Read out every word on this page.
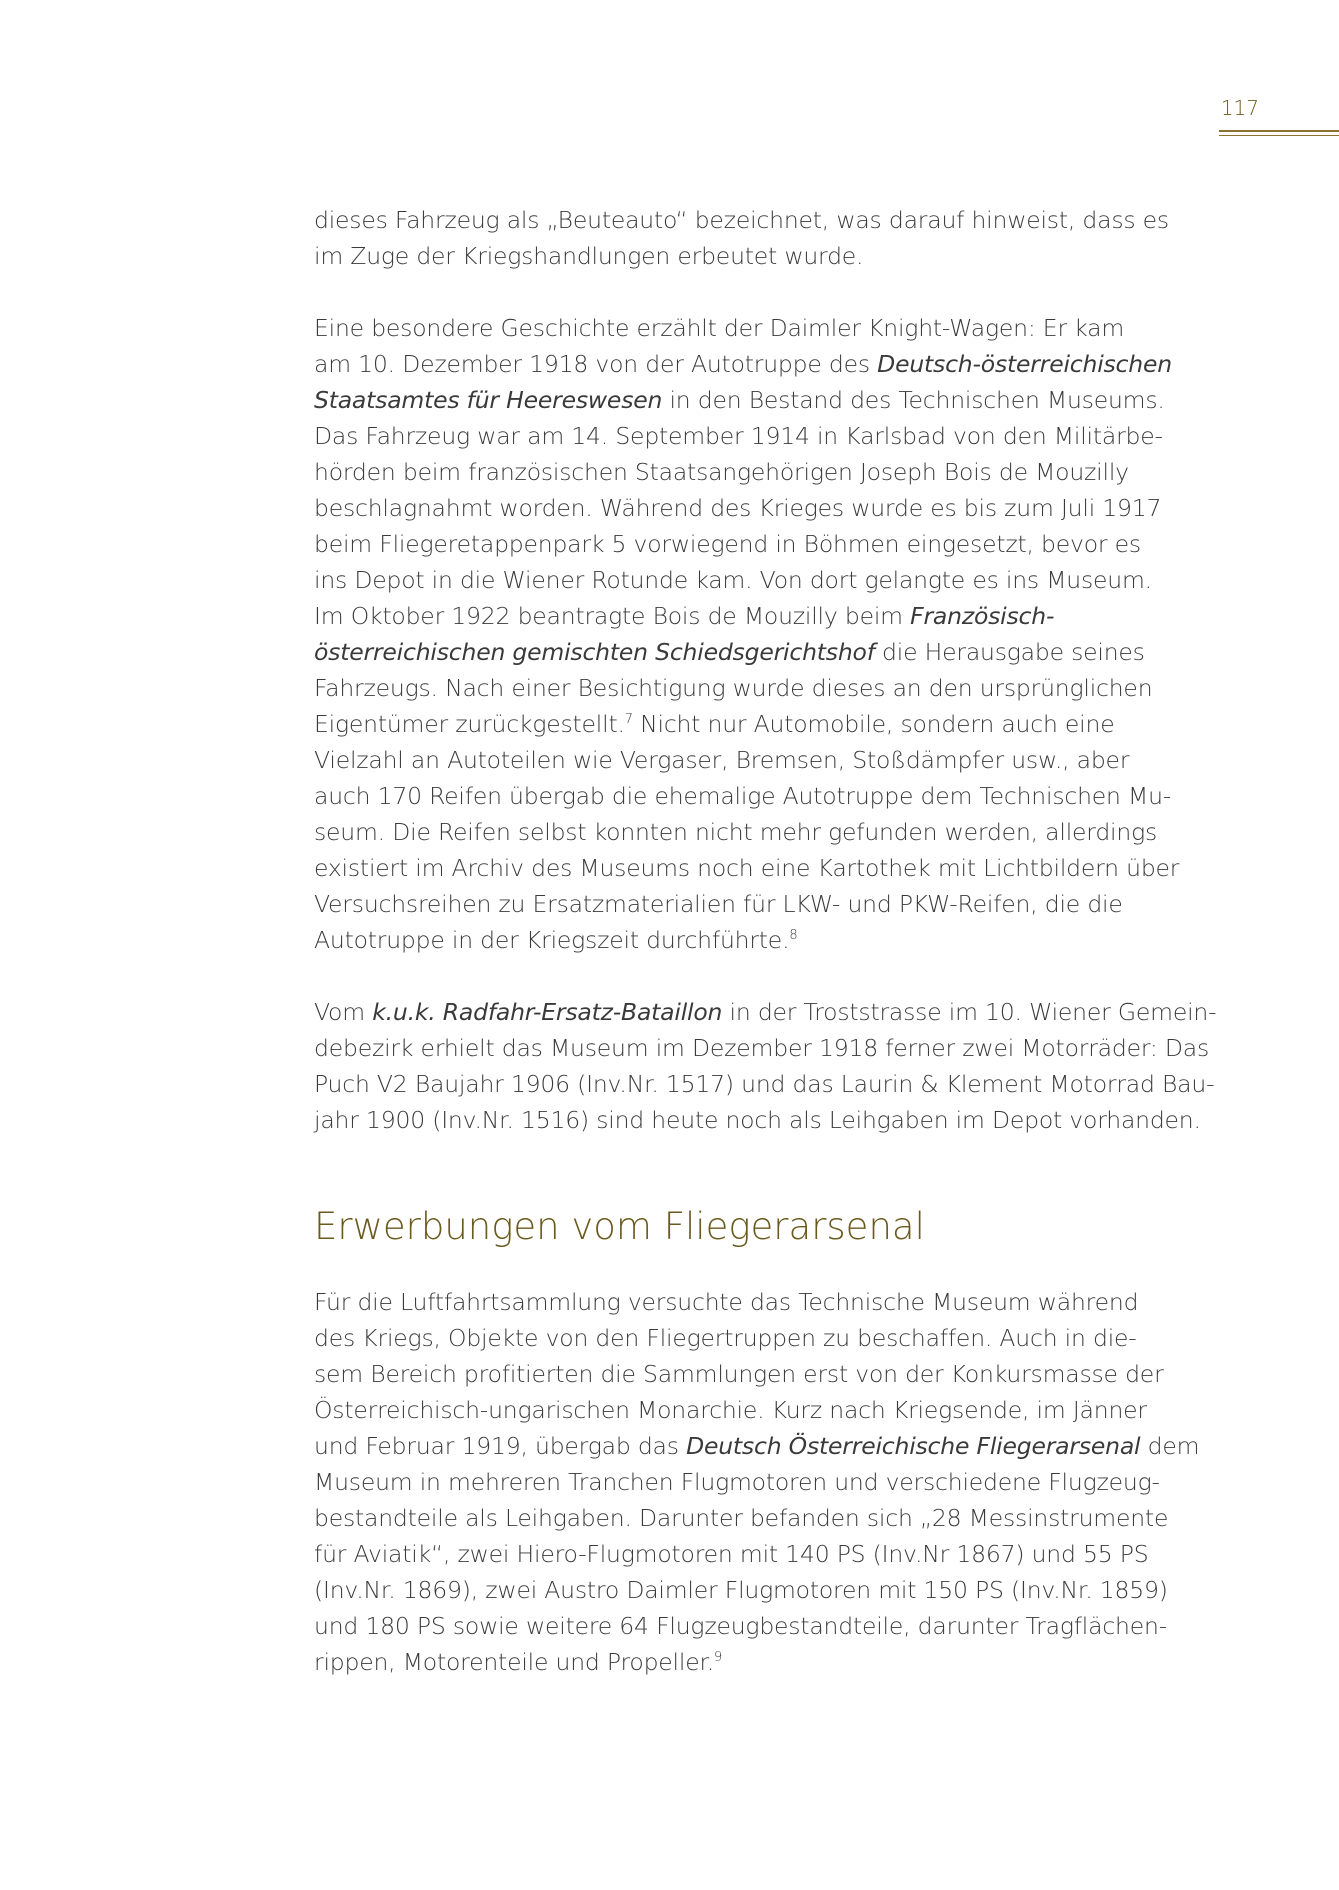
117

dieses Fahrzeug als „Beuteauto“ bezeichnet, was darauf hinweist, dass es
im Zuge der Kriegshandlungen erbeutet wurde.

Eine besondere Geschichte erzählt der Daimler Knight-Wagen: Er kam
am 10. Dezember 1918 von der Autotruppe des Deutsch-österreichischen
Staatsamtes für Heereswesen in den Bestand des Technischen Museums.
Das Fahrzeug war am 14. September 1914 in Karlsbad von den Militärbe-
hörden beim französischen Staatsangehörigen Joseph Bois de Mouzilly
beschlagnahmt worden. Während des Krieges wurde es bis zum Juli 1917
beim Fliegeretappenpark 5 vorwiegend in Böhmen eingesetzt, bevor es
ins Depot in die Wiener Rotunde kam. Von dort gelangte es ins Museum.
Im Oktober 1922 beantragte Bois de Mouzilly beim Französisch-
österreichischen gemischten Schiedsgerichtshof die Herausgabe seines
Fahrzeugs. Nach einer Besichtigung wurde dieses an den ursprünglichen
Eigentümer zurückgestellt.$^7$ Nicht nur Automobile, sondern auch eine
Vielzahl an Autoteilen wie Vergaser, Bremsen, Stoßdämpfer usw., aber
auch 170 Reifen übergab die ehemalige Autotruppe dem Technischen Mu-
seum. Die Reifen selbst konnten nicht mehr gefunden werden, allerdings
existiert im Archiv des Museums noch eine Kartothek mit Lichtbildern über
Versuchsreihen zu Ersatzmaterialien für LKW- und PKW-Reifen, die die
Autotruppe in der Kriegszeit durchführte.$^8$

Vom k.u.k. Radfahr-Ersatz-Bataillon in der Troststrasse im 10. Wiener Gemein-
debezirk erhielt das Museum im Dezember 1918 ferner zwei Motorräder: Das
Puch V2 Baujahr 1906 (Inv.Nr. 1517) und das Laurin & Klement Motorrad Bau-
jahr 1900 (Inv.Nr. 1516) sind heute noch als Leihgaben im Depot vorhanden.

Erwerbungen vom Fliegerarsenal

Für die Luftfahrtsammlung versuchte das Technische Museum während
des Kriegs, Objekte von den Fliegertruppen zu beschaffen. Auch in die-
sem Bereich profitierten die Sammlungen erst von der Konkursmasse der
Österreichisch-ungarischen Monarchie. Kurz nach Kriegsende, im Jänner
und Februar 1919, übergab das Deutsch Österreichische Fliegerarsenal dem
Museum in mehreren Tranchen Flugmotoren und verschiedene Flugzeug-
bestandteile als Leihgaben. Darunter befanden sich „28 Messinstrumente
für Aviatik“, zwei Hiero-Flugmotoren mit 140 PS (Inv.Nr 1867) und 55 PS
(Inv.Nr. 1869), zwei Austro Daimler Flugmotoren mit 150 PS (Inv.Nr. 1859)
und 180 PS sowie weitere 64 Flugzeugbestandteile, darunter Tragflächen-
rippen, Motorenteile und Propeller.$^9$
